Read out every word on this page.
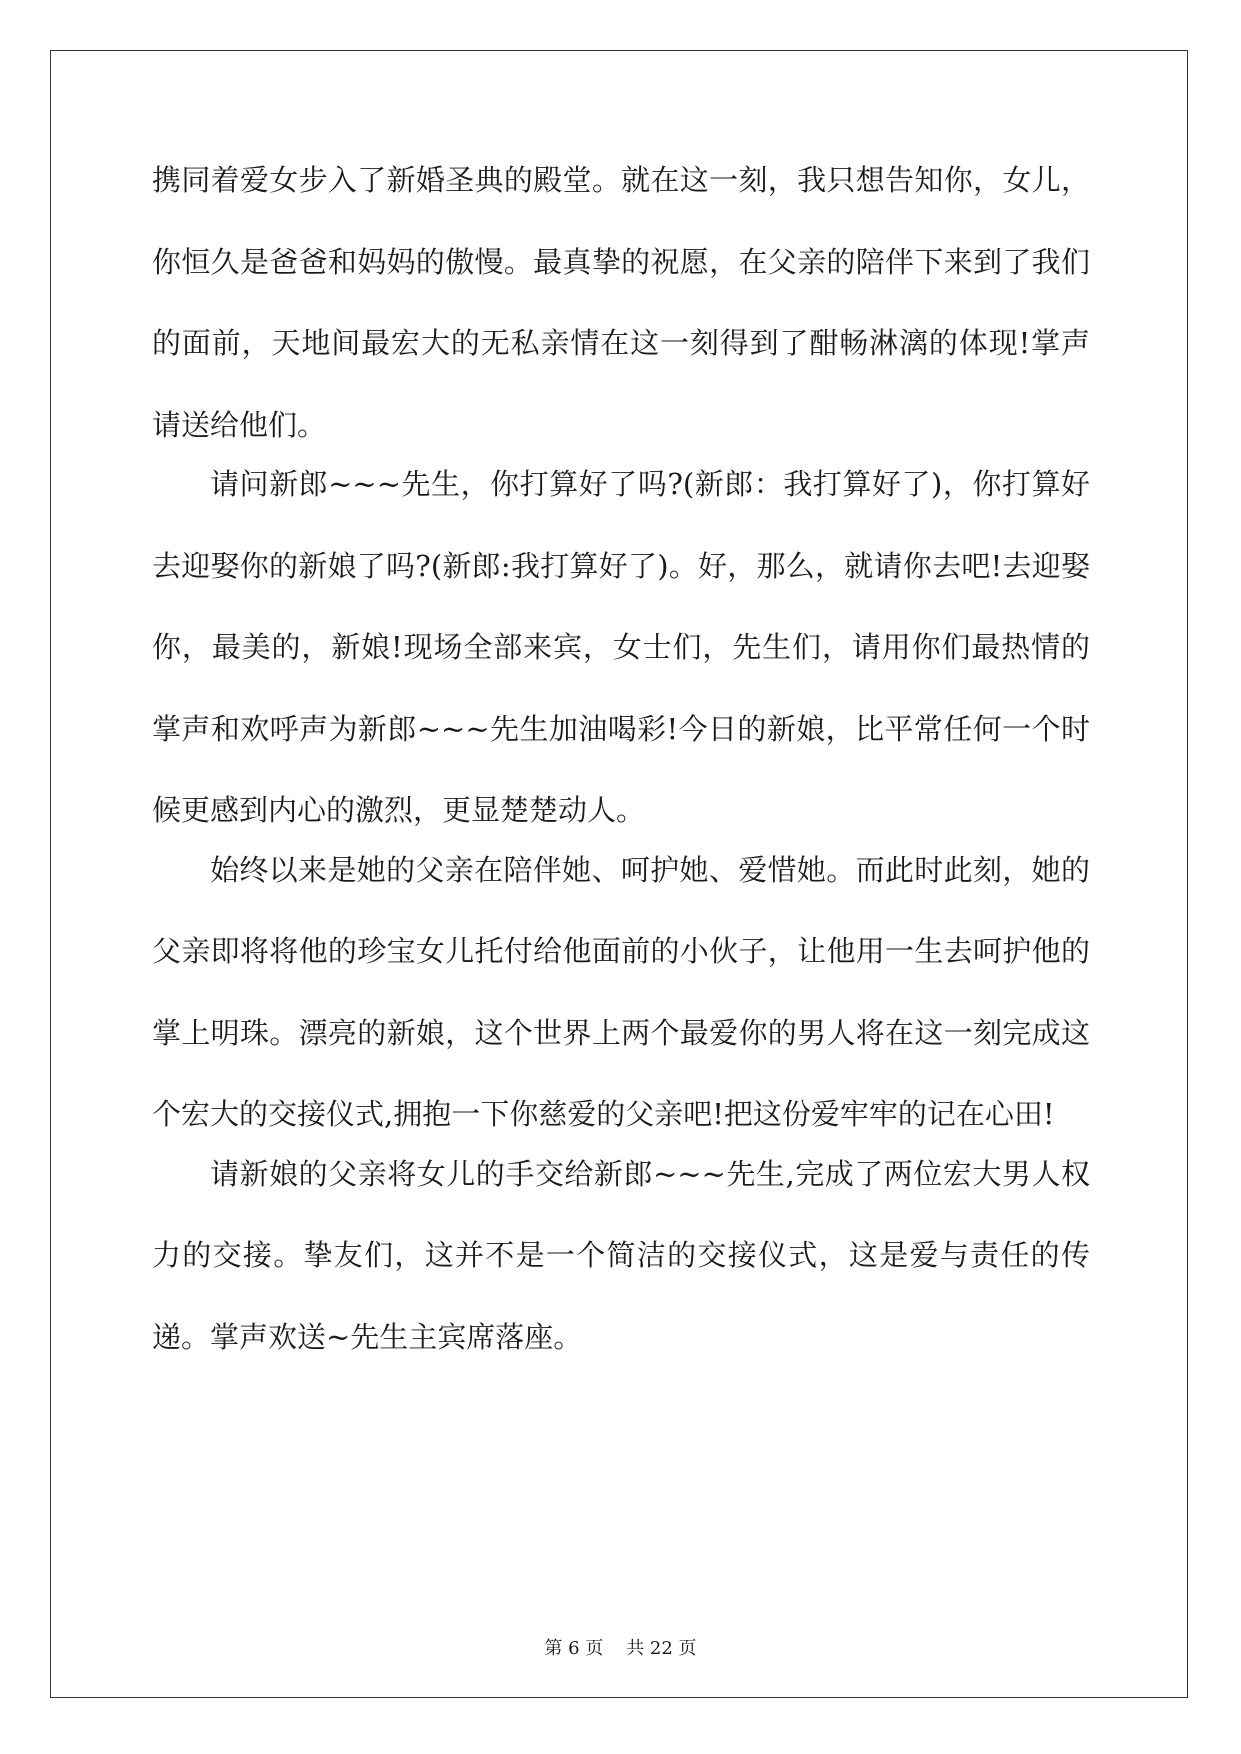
携同着爱女步入了新婚圣典的殿堂。就在这一刻，我只想告知你，女儿，你恒久是爸爸和妈妈的傲慢。最真挚的祝愿，在父亲的陪伴下来到了我们的面前，天地间最宏大的无私亲情在这一刻得到了酣畅淋漓的体现!掌声请送给他们。

请问新郎~~~先生，你打算好了吗?(新郎：我打算好了)，你打算好去迎娶你的新娘了吗?(新郎:我打算好了)。好，那么，就请你去吧!去迎娶你，最美的，新娘!现场全部来宾，女士们，先生们，请用你们最热情的掌声和欢呼声为新郎~~~先生加油喝彩!今日的新娘，比平常任何一个时候更感到内心的激烈，更显楚楚动人。

始终以来是她的父亲在陪伴她、呵护她、爱惜她。而此时此刻，她的父亲即将将他的珍宝女儿托付给他面前的小伙子，让他用一生去呵护他的掌上明珠。漂亮的新娘，这个世界上两个最爱你的男人将在这一刻完成这个宏大的交接仪式,拥抱一下你慈爱的父亲吧!把这份爱牢牢的记在心田!

请新娘的父亲将女儿的手交给新郎~~~先生,完成了两位宏大男人权力的交接。挚友们，这并不是一个简洁的交接仪式，这是爱与责任的传递。掌声欢送~先生主宾席落座。

第 6 页    共 22 页
